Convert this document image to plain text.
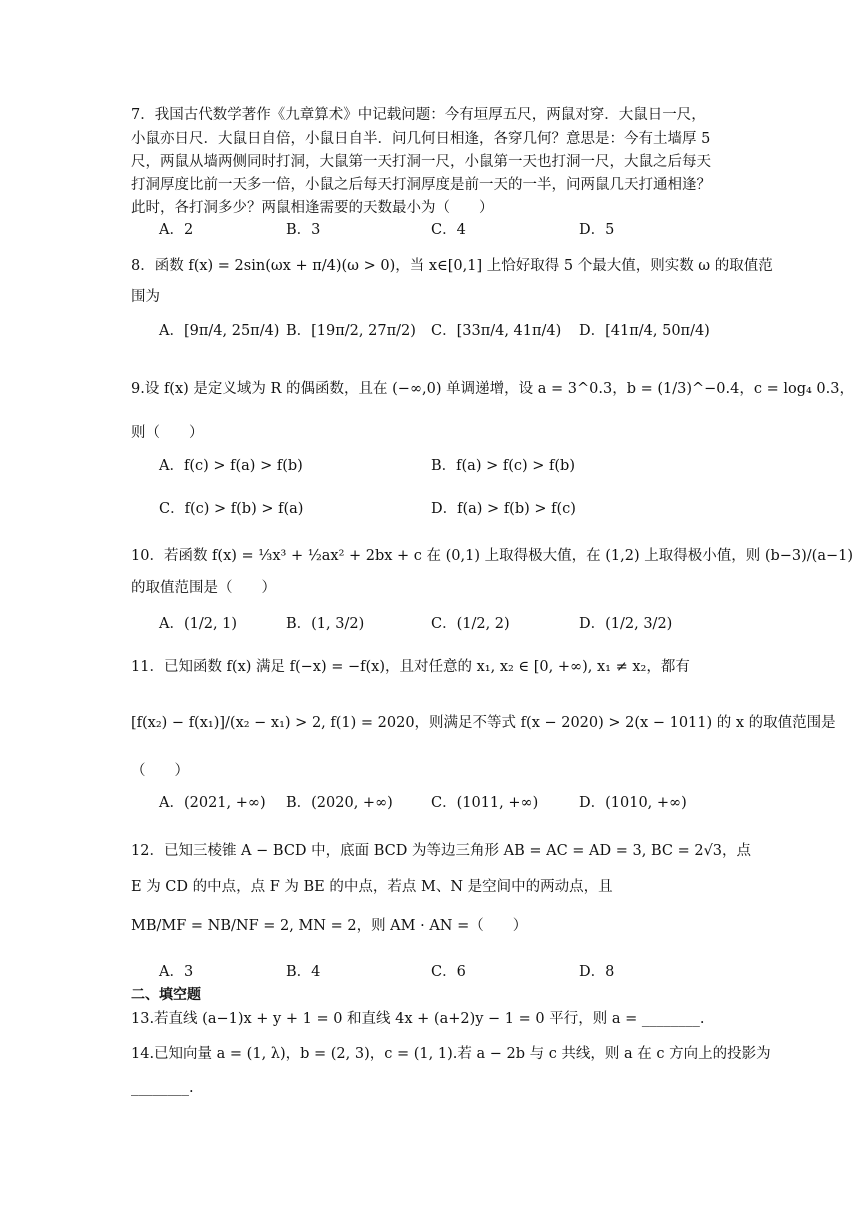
7．我国古代数学著作《九章算术》中记载问题：今有垣厚五尺，两鼠对穿．大鼠日一尺，
小鼠亦日尺．大鼠日自倍，小鼠日自半．问几何日相逢，各穿几何？意思是：今有土墙厚 5
尺，两鼠从墙两侧同时打洞，大鼠第一天打洞一尺，小鼠第一天也打洞一尺，大鼠之后每天
打洞厚度比前一天多一倍，小鼠之后每天打洞厚度是前一天的一半，问两鼠几天打通相逢？
此时，各打洞多少？两鼠相逢需要的天数最小为（　　）
A．2	B．3	C．4	D．5
8．函数 f(x) = 2sin(ωx + π/4)(ω > 0)，当 x∈[0,1] 上恰好取得 5 个最大值，则实数 ω 的取值范
围为
A．[9π/4, 25π/4) B．[19π/2, 27π/2) C．[33π/4, 41π/4) D．[41π/4, 50π/4)
9.设 f(x) 是定义域为 R 的偶函数，且在 (−∞,0) 单调递增，设 a = 3^0.3，b = (1/3)^−0.4，c = log₄ 0.3，
则（　　）
A．f(c) > f(a) > f(b)	B．f(a) > f(c) > f(b)
C．f(c) > f(b) > f(a)	D．f(a) > f(b) > f(c)
10．若函数 f(x) = ⅓x³ + ½ax² + 2bx + c 在 (0,1) 上取得极大值，在 (1,2) 上取得极小值，则 (b−3)/(a−1)
的取值范围是（　　）
A．(1/2, 1)	B．(1, 3/2)	C．(1/2, 2)	D．(1/2, 3/2)
11．已知函数 f(x) 满足 f(−x) = −f(x)，且对任意的 x₁, x₂ ∈ [0, +∞), x₁ ≠ x₂，都有
[f(x₂) − f(x₁)]/(x₂ − x₁) > 2, f(1) = 2020，则满足不等式 f(x − 2020) > 2(x − 1011) 的 x 的取值范围是
（　　）
A．(2021, +∞) B．(2020, +∞)	C．(1011, +∞)	D．(1010, +∞)
12．已知三棱锥 A − BCD 中，底面 BCD 为等边三角形 AB = AC = AD = 3, BC = 2√3，点
E 为 CD 的中点，点 F 为 BE 的中点，若点 M、N 是空间中的两动点，且
MB/MF = NB/NF = 2, MN = 2，则 AM · AN =（　　）
A．3	B．4	C．6	D．8
二、填空题
13.若直线 (a−1)x + y + 1 = 0 和直线 4x + (a+2)y − 1 = 0 平行，则 a = ________.
14.已知向量 a = (1, λ)，b = (2, 3)，c = (1, 1).若 a − 2b 与 c 共线，则 a 在 c 方向上的投影为
________.
